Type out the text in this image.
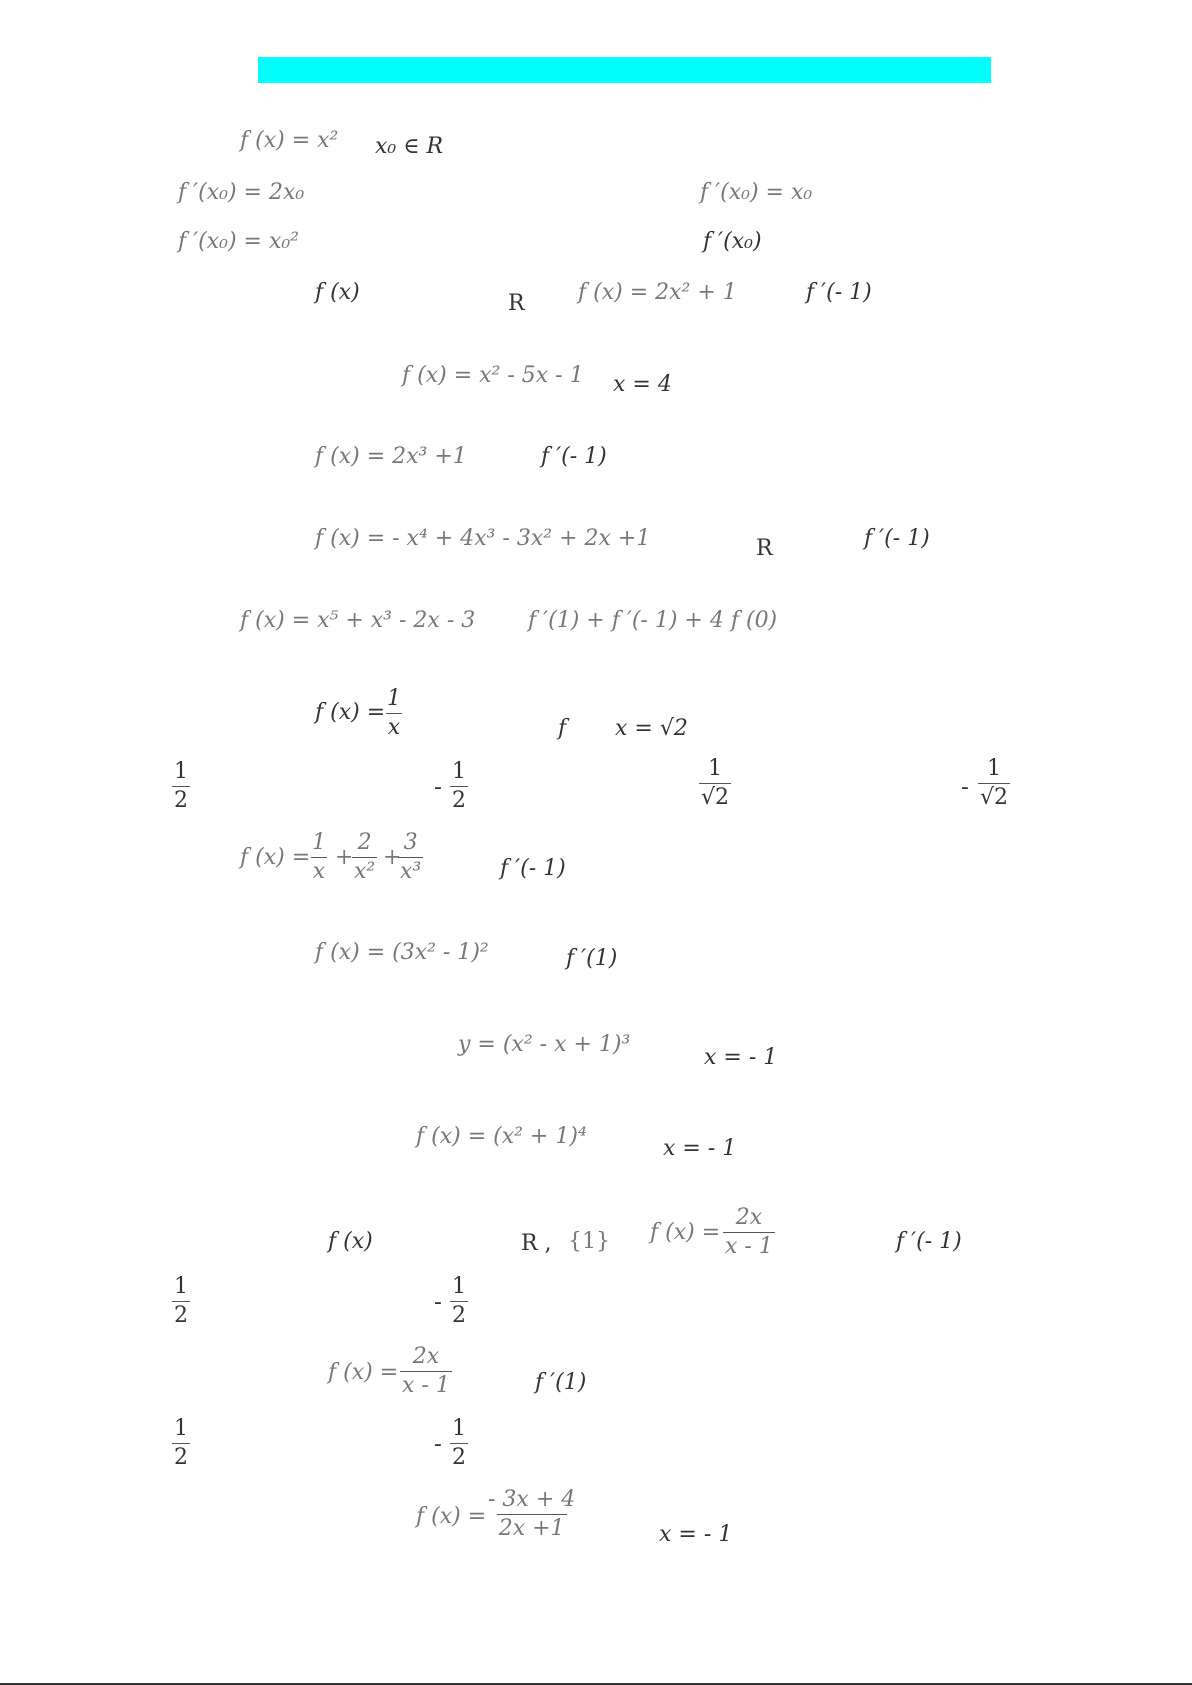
f (x) = x² x₀ ∈ R
f ′(x₀) = 2x₀	f ′(x₀) = x₀
f ′(x₀) = x₀²	f ′(x₀)
f (x)	R f (x) = 2x² + 1	f ′(- 1)
f (x) = x² - 5x - 1 x = 4
f (x) = 2x³ +1	f ′(- 1)
f (x) = - x⁴ + 4x³ - 3x² + 2x +1	R	f ′(- 1)
f (x) = x⁵ + x³ - 2x - 3 f ′(1) + f ′(- 1) + 4 f (0)
f $(x) = \frac{1}{x}$	f x = √2
$\frac{1}{2}$	- $\frac{1}{2}$	$\frac{1}{√2}$	- $\frac{1}{√2}$
f $(x) = \frac{1}{x}$ +
$\frac{2}{\text{x²}}$ +
$\frac{3}{\text{x³}}$	f ′(- 1)
f (x) = (3x² - 1)²	f ′(1)
y = (x² - x + 1)³
x = - 1
f (x) = (x² + 1)⁴	x = - 1
f (x)	R , {1} f $(x) = \frac{2x}{x - 1}$	f ′(- 1)
$\frac{1}{2}$	- $\frac{1}{2}$
f $(x) = \frac{2x}{x - 1}$	f ′(1)
$\frac{1}{2}$	- $\frac{1}{2}$
f $(x) = \frac{- 3x + 4}{2x +1}$	x = - 1
